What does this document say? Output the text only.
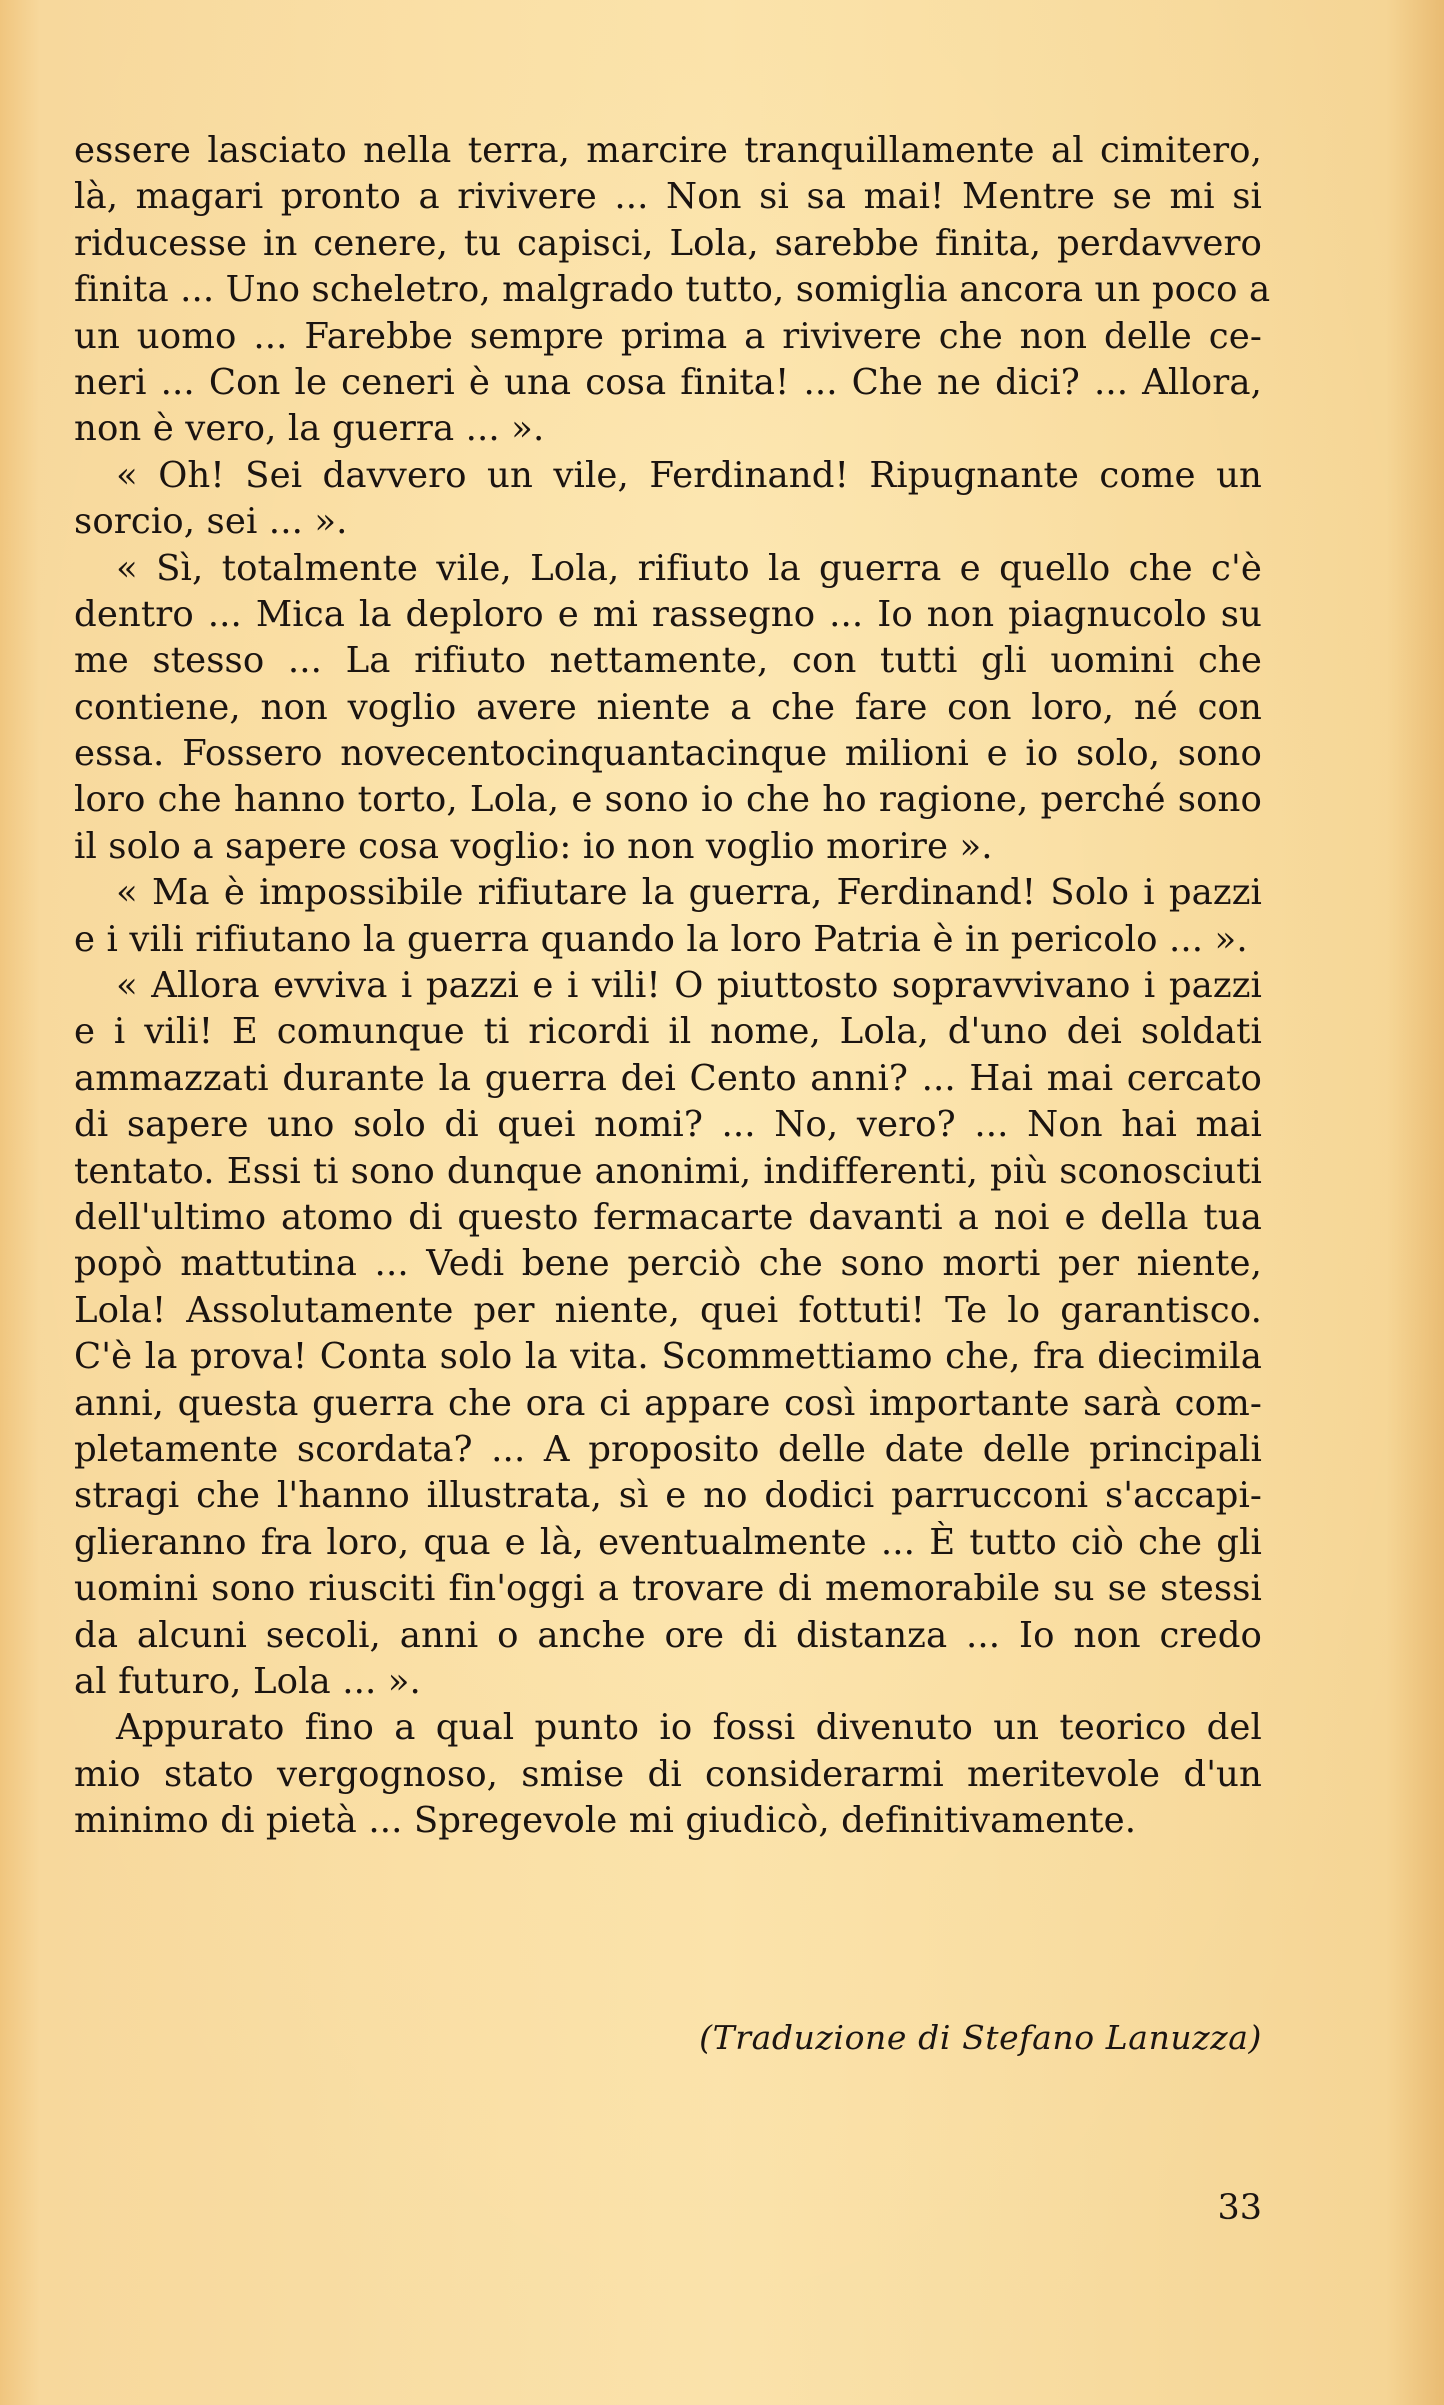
essere lasciato nella terra, marcire tranquillamente al cimitero,
là, magari pronto a rivivere ... Non si sa mai! Mentre se mi si
riducesse in cenere, tu capisci, Lola, sarebbe finita, perdavvero
finita ... Uno scheletro, malgrado tutto, somiglia ancora un poco a
un uomo ... Farebbe sempre prima a rivivere che non delle ce-
neri ... Con le ceneri è una cosa finita! ... Che ne dici? ... Allora,
non è vero, la guerra ... ».
« Oh! Sei davvero un vile, Ferdinand! Ripugnante come un
sorcio, sei ... ».
« Sì, totalmente vile, Lola, rifiuto la guerra e quello che c'è
dentro ... Mica la deploro e mi rassegno ... Io non piagnucolo su
me stesso ... La rifiuto nettamente, con tutti gli uomini che
contiene, non voglio avere niente a che fare con loro, né con
essa. Fossero novecentocinquantacinque milioni e io solo, sono
loro che hanno torto, Lola, e sono io che ho ragione, perché sono
il solo a sapere cosa voglio: io non voglio morire ».
« Ma è impossibile rifiutare la guerra, Ferdinand! Solo i pazzi
e i vili rifiutano la guerra quando la loro Patria è in pericolo ... ».
« Allora evviva i pazzi e i vili! O piuttosto sopravvivano i pazzi
e i vili! E comunque ti ricordi il nome, Lola, d'uno dei soldati
ammazzati durante la guerra dei Cento anni? ... Hai mai cercato
di sapere uno solo di quei nomi? ... No, vero? ... Non hai mai
tentato. Essi ti sono dunque anonimi, indifferenti, più sconosciuti
dell'ultimo atomo di questo fermacarte davanti a noi e della tua
popò mattutina ... Vedi bene perciò che sono morti per niente,
Lola! Assolutamente per niente, quei fottuti! Te lo garantisco.
C'è la prova! Conta solo la vita. Scommettiamo che, fra diecimila
anni, questa guerra che ora ci appare così importante sarà com-
pletamente scordata? ... A proposito delle date delle principali
stragi che l'hanno illustrata, sì e no dodici parrucconi s'accapi-
glieranno fra loro, qua e là, eventualmente ... È tutto ciò che gli
uomini sono riusciti fin'oggi a trovare di memorabile su se stessi
da alcuni secoli, anni o anche ore di distanza ... Io non credo
al futuro, Lola ... ».
Appurato fino a qual punto io fossi divenuto un teorico del
mio stato vergognoso, smise di considerarmi meritevole d'un
minimo di pietà ... Spregevole mi giudicò, definitivamente.
(Traduzione di Stefano Lanuzza)
33
